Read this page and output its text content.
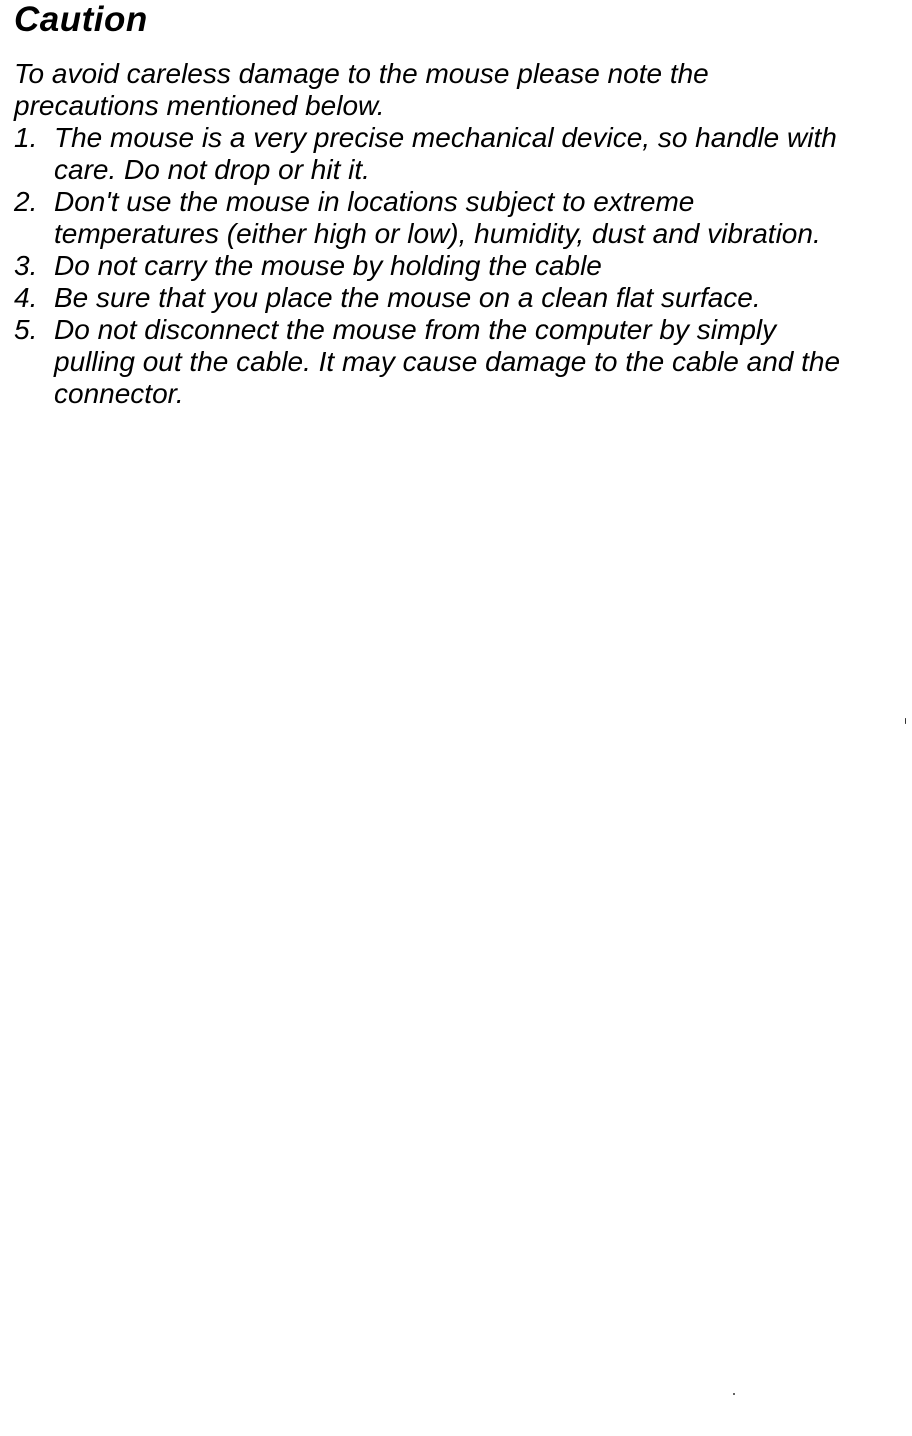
Caution

To avoid careless damage to the mouse please note the precautions mentioned below.

1. The mouse is a very precise mechanical device, so handle with care. Do not drop or hit it.
2. Don't use the mouse in locations subject to extreme temperatures (either high or low), humidity, dust and vibration.
3. Do not carry the mouse by holding the cable
4. Be sure that you place the mouse on a clean flat surface.
5. Do not disconnect the mouse from the computer by simply pulling out the cable. It may cause damage to the cable and the connector.
